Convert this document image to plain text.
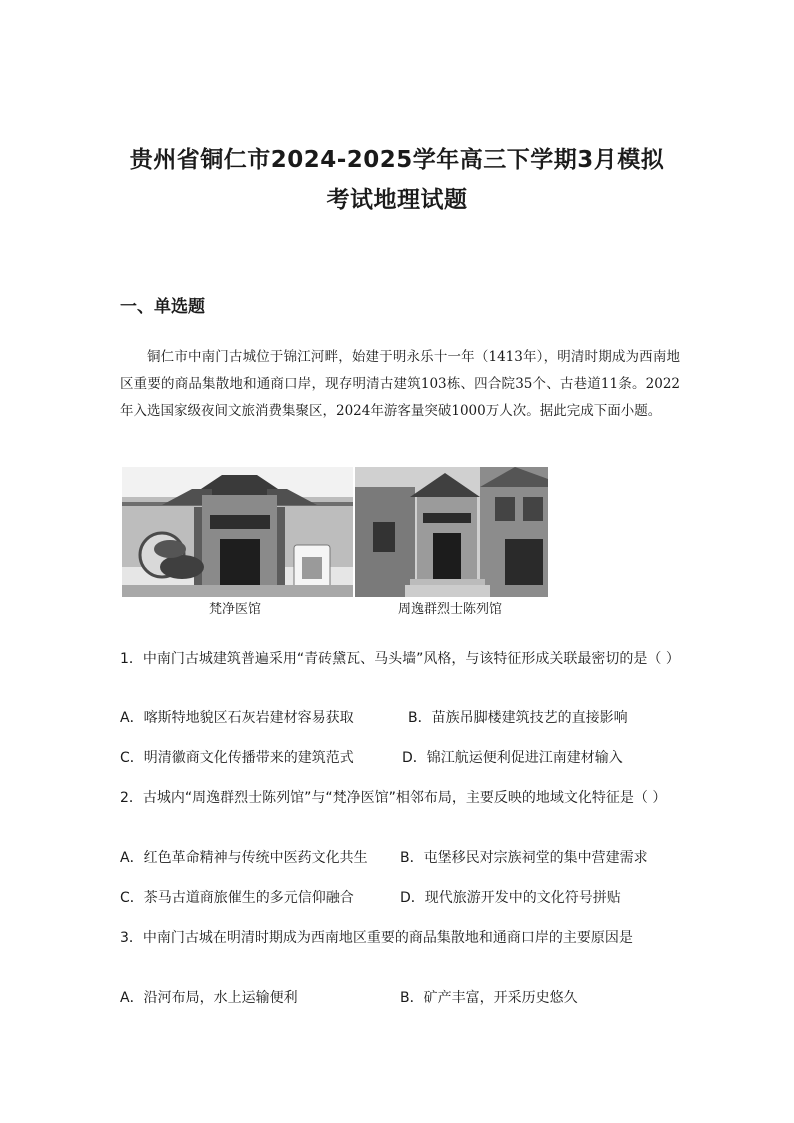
贵州省铜仁市2024-2025学年高三下学期3月模拟
考试地理试题
一、单选题

铜仁市中南门古城位于锦江河畔，始建于明永乐十一年（1413年），明清时期成为西南地区重要的商品集散地和通商口岸，现存明清古建筑103栋、四合院35个、古巷道11条。2022年入选国家级夜间文旅消费集聚区，2024年游客量突破1000万人次。据此完成下面小题。

梵净医馆	周逸群烈士陈列馆
1．中南门古城建筑普遍采用“青砖黛瓦、马头墙”风格，与该特征形成关联最密切的是（ ）
A．喀斯特地貌区石灰岩建材容易获取	B．苗族吊脚楼建筑技艺的直接影响
C．明清徽商文化传播带来的建筑范式	D．锦江航运便利促进江南建材输入
2．古城内“周逸群烈士陈列馆”与“梵净医馆”相邻布局，主要反映的地域文化特征是（ ）
A．红色革命精神与传统中医药文化共生 B．屯堡移民对宗族祠堂的集中营建需求
C．茶马古道商旅催生的多元信仰融合	D．现代旅游开发中的文化符号拼贴
3．中南门古城在明清时期成为西南地区重要的商品集散地和通商口岸的主要原因是
A．沿河布局，水上运输便利	B．矿产丰富，开采历史悠久
